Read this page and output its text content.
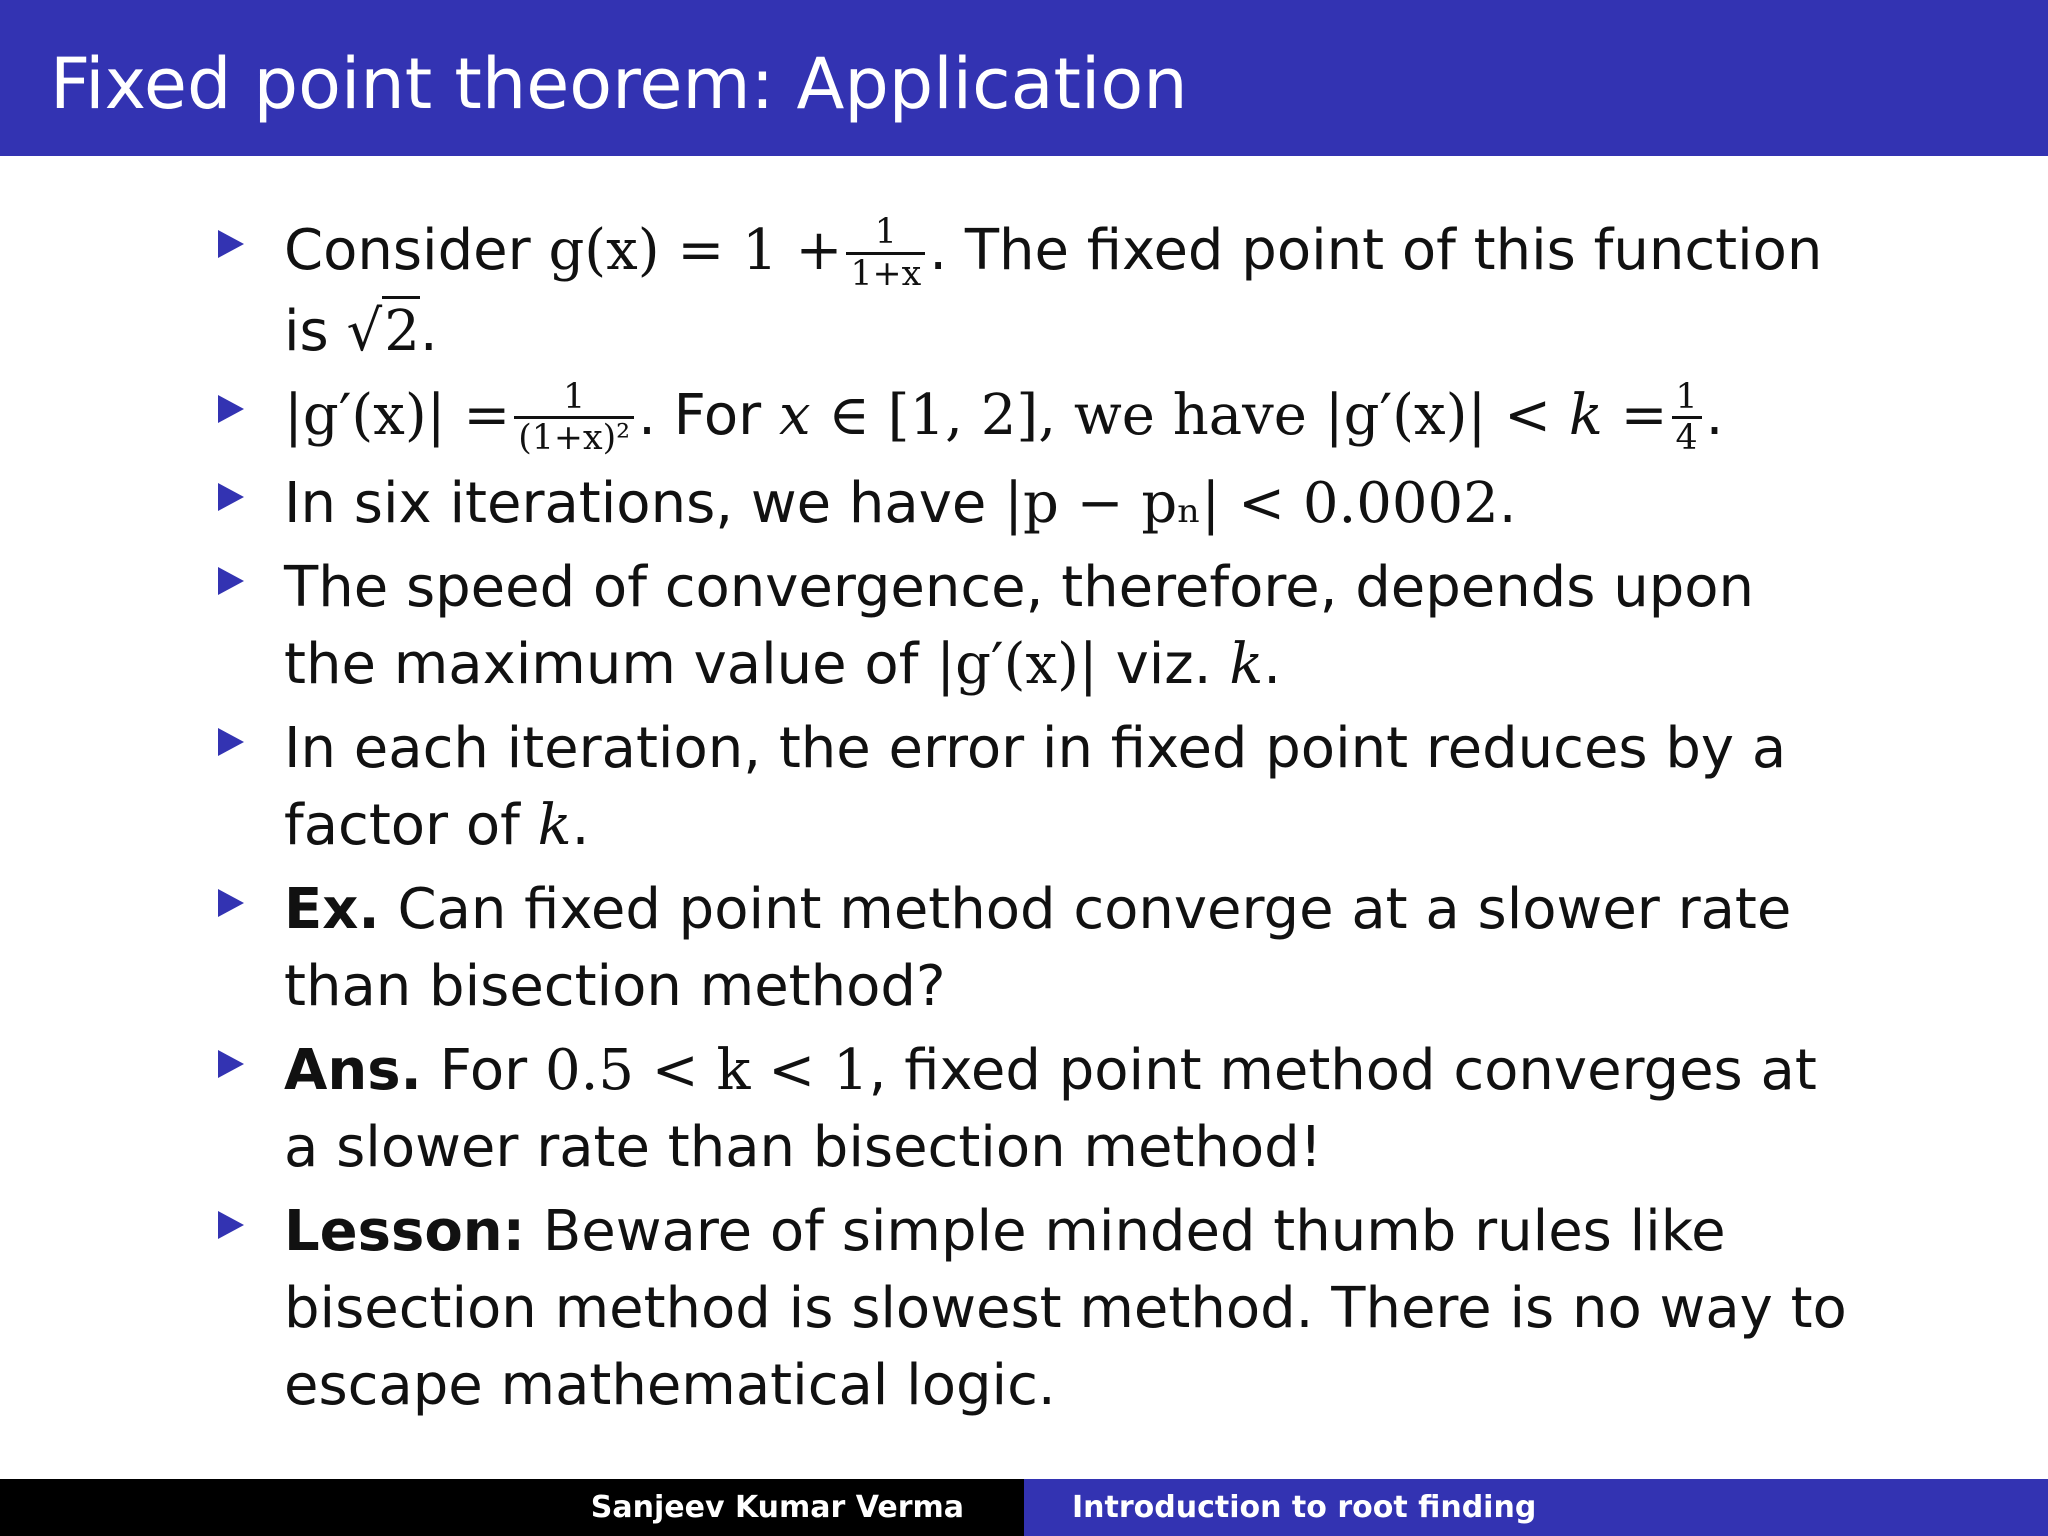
Fixed point theorem: Application
Consider $g(x) = 1 + \frac{1}{1+x}$ . The fixed point of this function is √2.
$|g'(x)| = \frac{1}{\text{(1+x)²}}$ . For x ∈ [1, 2], we have $|g'(x)| < k = \frac{1}{4}$ .
In six iterations, we have |p − pₙ| < 0.0002.
The speed of convergence, therefore, depends upon the maximum value of |g′(x)| viz. k.
In each iteration, the error in fixed point reduces by a factor of k.
Ex. Can fixed point method converge at a slower rate than bisection method?
Ans. For 0.5 < k < 1, fixed point method converges at a slower rate than bisection method!
Lesson: Beware of simple minded thumb rules like bisection method is slowest method. There is no way to escape mathematical logic.
Sanjeev Kumar Verma	Introduction to root finding
